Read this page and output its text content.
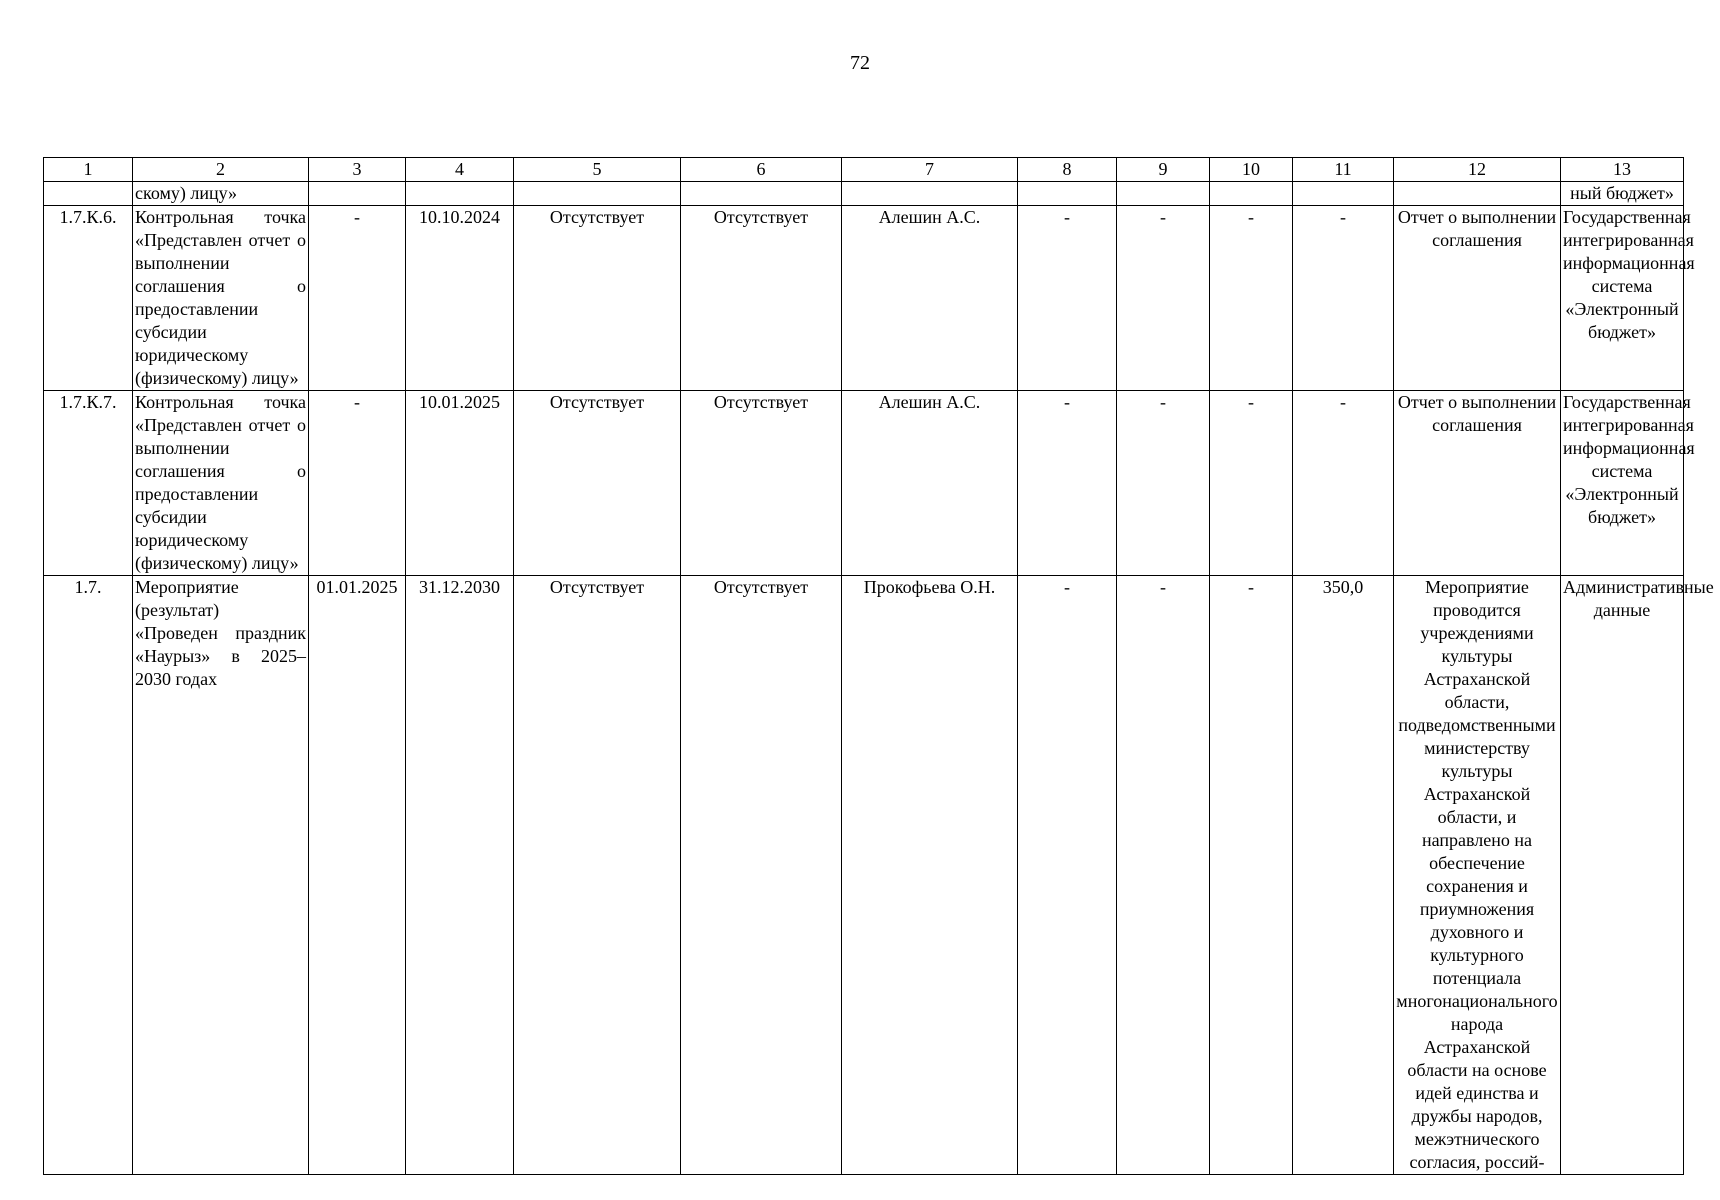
72
1	2	3	4	5	6	7	8	9	10	11	12	13
	скому) лицу»											ный бюджет»
1.7.К.6.	Контрольная точка «Представлен отчет о выполнении соглашения о предоставлении субсидии юридическому (физическому) лицу»	-	10.10.2024	Отсутствует	Отсутствует	Алешин А.С.	-	-	-	-	Отчет о выполнении соглашения	Государственная интегрированная информационная система «Электронный бюджет»
1.7.К.7.	Контрольная точка «Представлен отчет о выполнении соглашения о предоставлении субсидии юридическому (физическому) лицу»	-	10.01.2025	Отсутствует	Отсутствует	Алешин А.С.	-	-	-	-	Отчет о выполнении соглашения	Государственная интегрированная информационная система «Электронный бюджет»
1.7.	Мероприятие (результат) «Проведен праздник «Наурыз» в 2025–2030 годах	01.01.2025	31.12.2030	Отсутствует	Отсутствует	Прокофьева О.Н.	-	-	-	350,0	Мероприятие проводится учреждениями культуры Астраханской области, подведомственными министерству культуры Астраханской области, и направлено на обеспечение сохранения и приумножения духовного и культурного потенциала многонационального народа Астраханской области на основе идей единства и дружбы народов, межэтнического согласия, россий-	Административные данные
